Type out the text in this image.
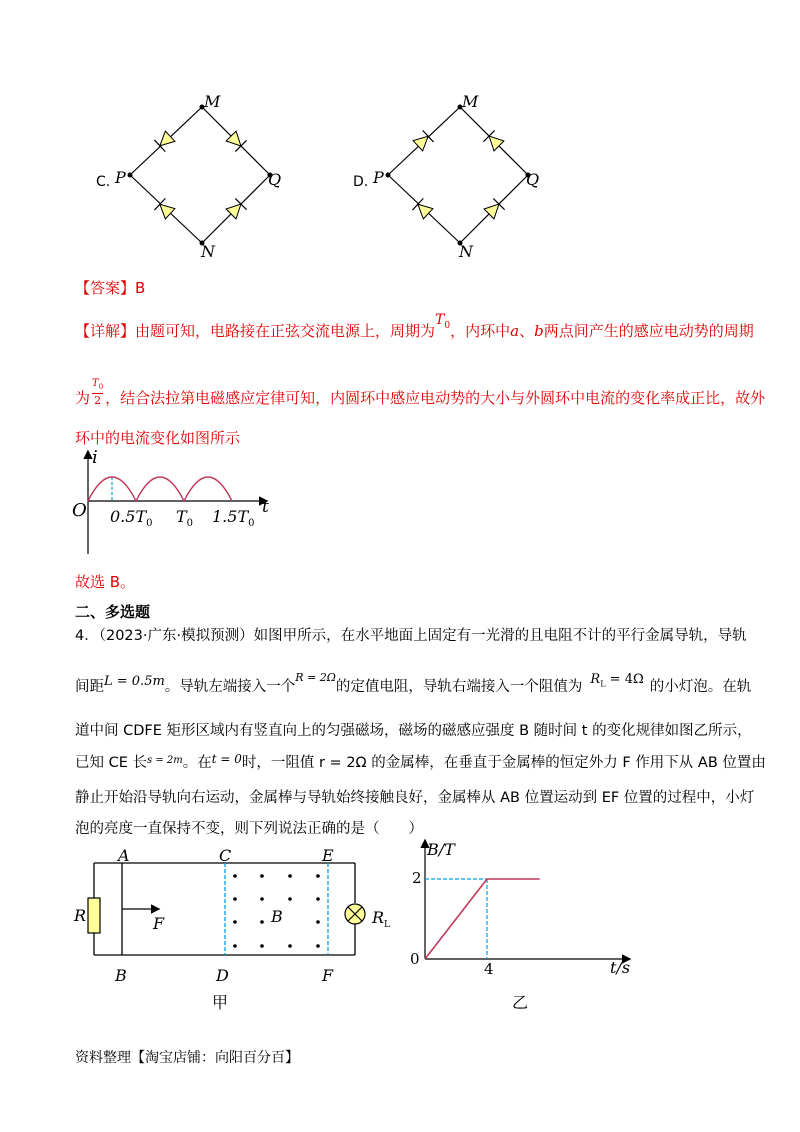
C.
M
P	Q
N
D.
M
P	Q
N
【答案】B
【详解】由题可知，电路接在正弦交流电源上，周期为$T_0$，内环中a、b两点间产生的感应电动势的周期
为 $\frac{T_0}{2}$ ，结合法拉第电磁感应定律可知，内圆环中感应电动势的大小与外圆环中电流的变化率成正比，故外
环中的电流变化如图所示
i
t
O $0.5T_0$ $T_0$ $1.5T_0$
故选 B。
二、多选题
4．（2023·广东·模拟预测）如图甲所示，在水平地面上固定有一光滑的且电阻不计的平行金属导轨，导轨
间距L = 0.5m。导轨左端接入一个$^{R = 2\Omega}$的定值电阻，导轨右端接入一个阻值为 $R_L = 4\Omega$ 的小灯泡。在轨
道中间 CDFE 矩形区域内有竖直向上的匀强磁场，磁场的磁感应强度 B 随时间 t 的变化规律如图乙所示，
已知 CE 长$^{s = 2m}$。在$^{t = 0}$时，一阻值 r = 2Ω 的金属棒，在垂直于金属棒的恒定外力 F 作用下从 AB 位置由
静止开始沿导轨向右运动，金属棒与导轨始终接触良好，金属棒从 AB 位置运动到 EF 位置的过程中，小灯
泡的亮度一直保持不变，则下列说法正确的是（　　）
A	C	E
B	D	F
R	F	B	$R_L$
甲
B/T
2
0
4	t/s
乙
资料整理【淘宝店铺：向阳百分百】
